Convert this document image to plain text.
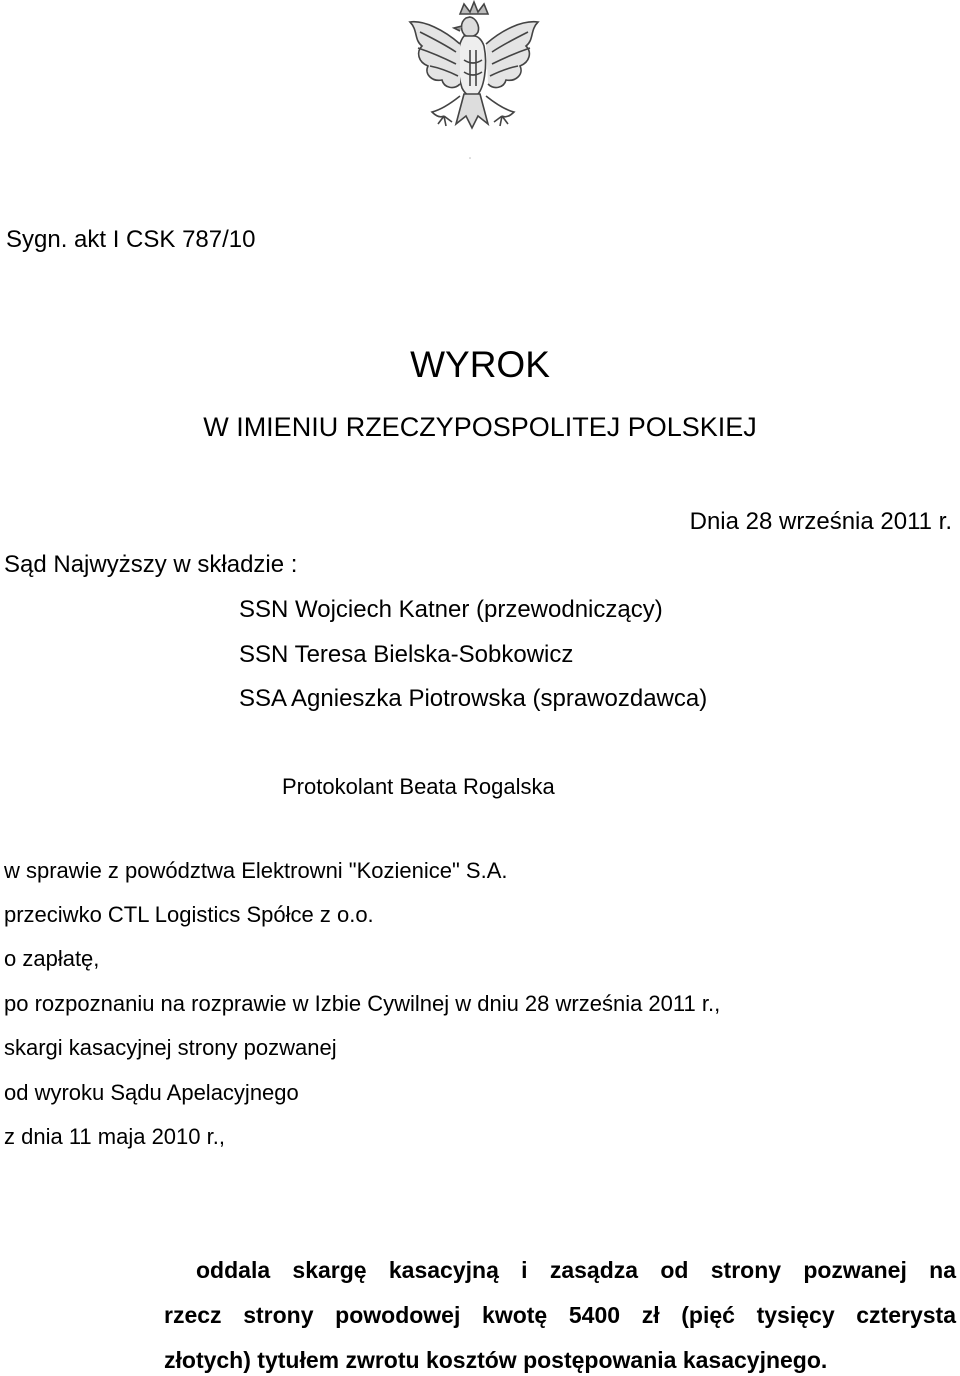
Sygn. akt I CSK 787/10
WYROK
W IMIENIU RZECZYPOSPOLITEJ POLSKIEJ
Dnia 28 września 2011 r.
Sąd Najwyższy w składzie :
SSN Wojciech Katner (przewodniczący)
SSN Teresa Bielska-Sobkowicz
SSA Agnieszka Piotrowska (sprawozdawca)
Protokolant Beata Rogalska
w sprawie z powództwa Elektrowni "Kozienice" S.A.
przeciwko CTL Logistics Spółce z o.o.
o zapłatę,
po rozpoznaniu na rozprawie w Izbie Cywilnej w dniu 28 września 2011 r.,
skargi kasacyjnej strony pozwanej
od wyroku Sądu Apelacyjnego
z dnia 11 maja 2010 r.,
oddala skargę kasacyjną i zasądza od strony pozwanej na
rzecz strony powodowej kwotę 5400 zł (pięć tysięcy czterysta
złotych) tytułem zwrotu kosztów postępowania kasacyjnego.
